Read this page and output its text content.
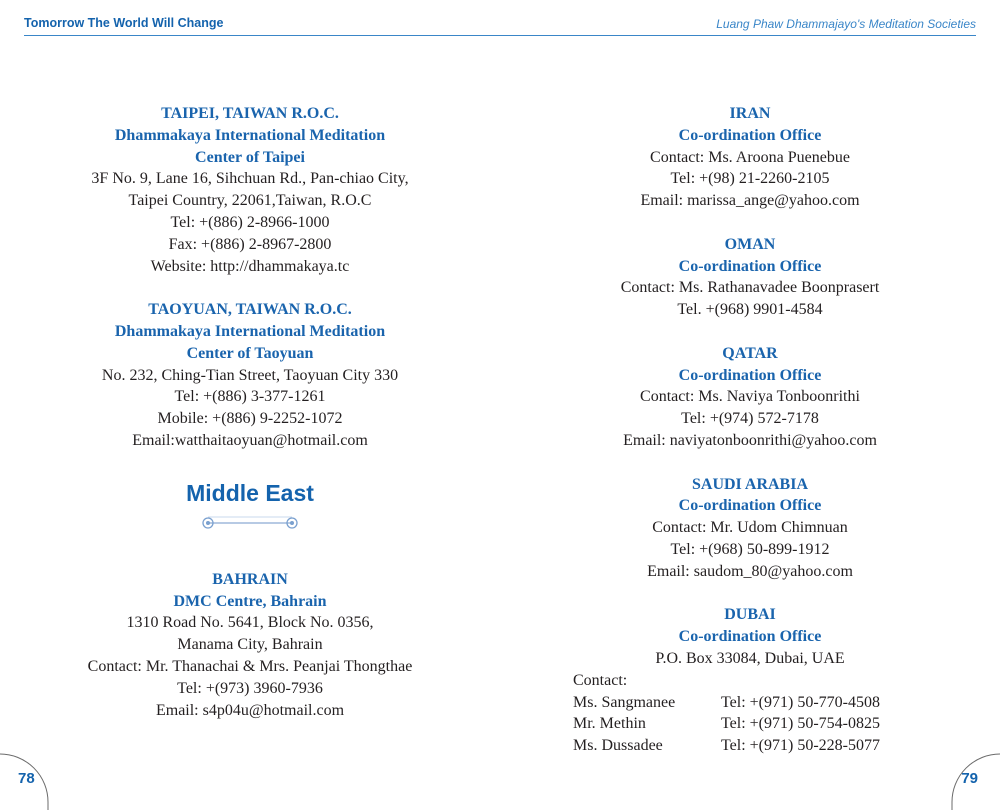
Tomorrow The World Will Change	Luang Phaw Dhammajayo's Meditation Societies
TAIPEI, TAIWAN R.O.C.
Dhammakaya International Meditation
Center of Taipei
3F No. 9, Lane 16, Sihchuan Rd., Pan-chiao City,
Taipei Country, 22061,Taiwan, R.O.C
Tel: +(886) 2-8966-1000
Fax: +(886) 2-8967-2800
Website: http://dhammakaya.tc
TAOYUAN, TAIWAN R.O.C.
Dhammakaya International Meditation
Center of Taoyuan
No. 232, Ching-Tian Street, Taoyuan City 330
Tel: +(886) 3-377-1261
Mobile: +(886) 9-2252-1072
Email:watthaitaoyuan@hotmail.com
Middle East
BAHRAIN
DMC Centre, Bahrain
1310 Road No. 5641, Block No. 0356,
Manama City, Bahrain
Contact: Mr. Thanachai & Mrs. Peanjai Thongthae
Tel: +(973) 3960-7936
Email: s4p04u@hotmail.com
IRAN
Co-ordination Office
Contact: Ms. Aroona Puenebue
Tel: +(98) 21-2260-2105
Email: marissa_ange@yahoo.com
OMAN
Co-ordination Office
Contact: Ms. Rathanavadee Boonprasert
Tel. +(968) 9901-4584
QATAR
Co-ordination Office
Contact: Ms. Naviya Tonboonrithi
Tel: +(974) 572-7178
Email: naviyatonboonrithi@yahoo.com
SAUDI ARABIA
Co-ordination Office
Contact: Mr. Udom Chimnuan
Tel: +(968) 50-899-1912
Email: saudom_80@yahoo.com
DUBAI
Co-ordination Office
P.O. Box 33084, Dubai, UAE
Contact:
Ms. Sangmanee	Tel: +(971) 50-770-4508
Mr. Methin	Tel: +(971) 50-754-0825
Ms. Dussadee	Tel: +(971) 50-228-5077
78	79
